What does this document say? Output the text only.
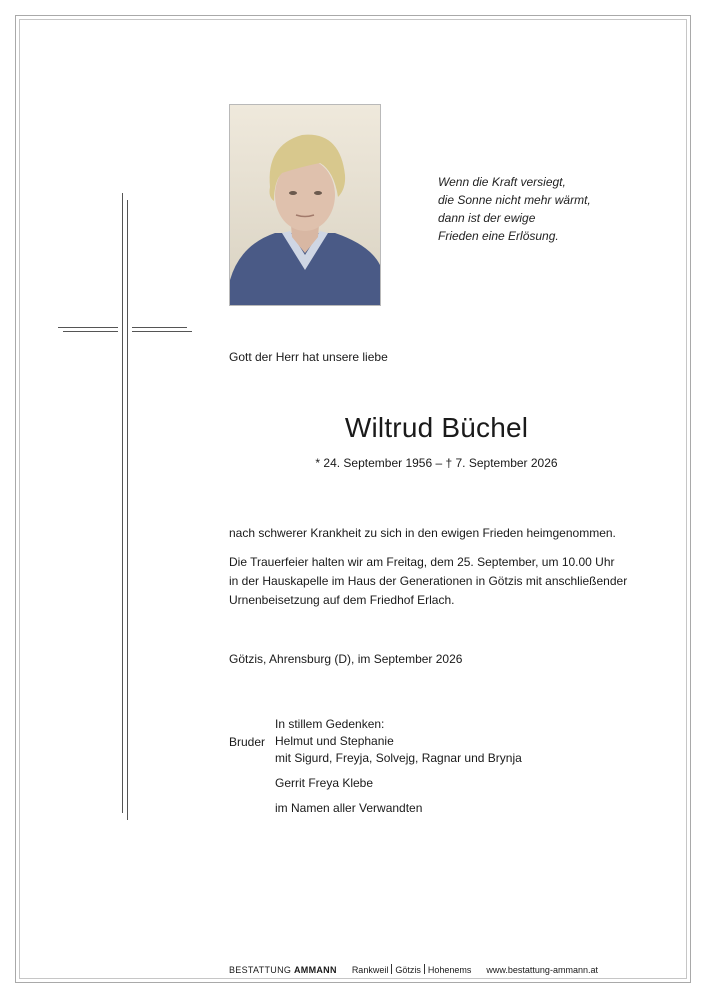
Wenn die Kraft versiegt,
die Sonne nicht mehr wärmt,
dann ist der ewige
Frieden eine Erlösung.
Gott der Herr hat unsere liebe
Wiltrud Büchel
* 24. September 1956 – † 7. September 2026
nach schwerer Krankheit zu sich in den ewigen Frieden heimgenommen.
Die Trauerfeier halten wir am Freitag, dem 25. September, um 10.00 Uhr
in der Hauskapelle im Haus der Generationen in Götzis mit anschließender
Urnenbeisetzung auf dem Friedhof Erlach.
Götzis, Ahrensburg (D), im September 2026
Bruder
In stillem Gedenken:
Helmut und Stephanie
mit Sigurd, Freyja, Solvejg, Ragnar und Brynja
Gerrit Freya Klebe
im Namen aller Verwandten
BESTATTUNG AMMANN Rankweil Götzis Hohenems www.bestattung-ammann.at
